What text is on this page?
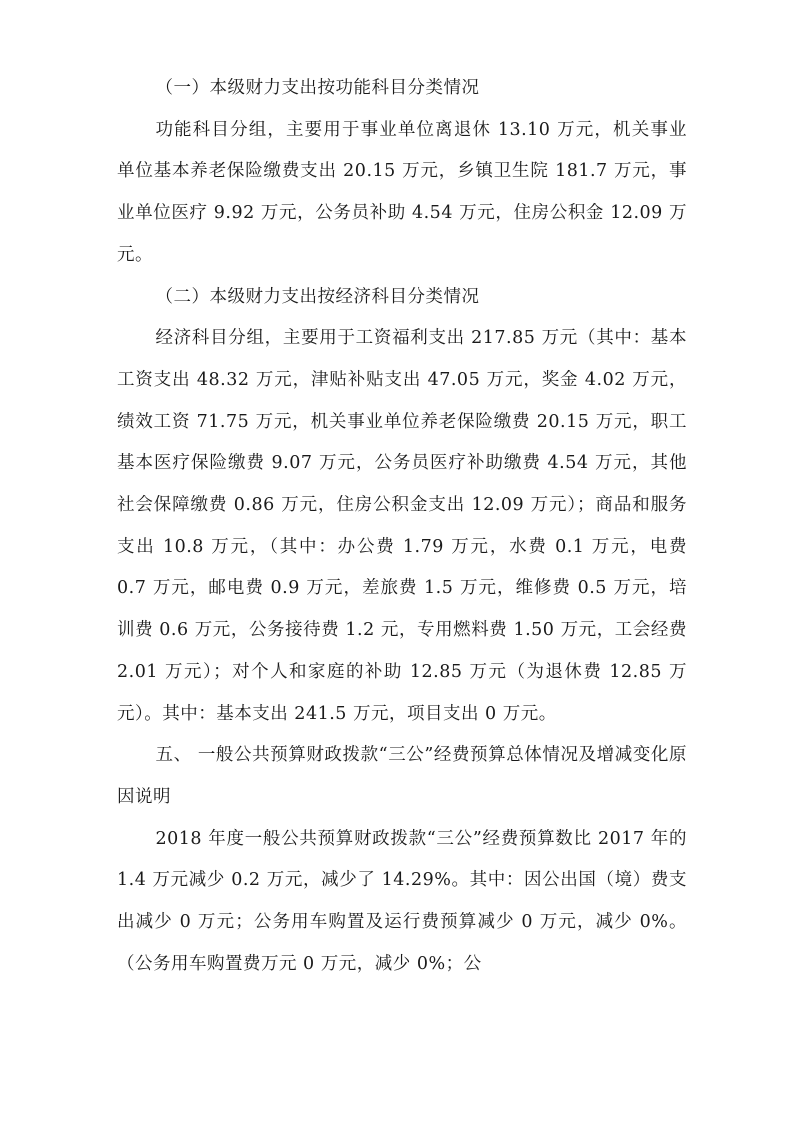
（一）本级财力支出按功能科目分类情况

功能科目分组，主要用于事业单位离退休 13.10 万元，机关事业单位基本养老保险缴费支出 20.15 万元，乡镇卫生院 181.7 万元，事业单位医疗 9.92 万元，公务员补助 4.54 万元，住房公积金 12.09 万元。

（二）本级财力支出按经济科目分类情况

经济科目分组，主要用于工资福利支出 217.85 万元（其中：基本工资支出 48.32 万元，津贴补贴支出 47.05 万元，奖金 4.02 万元，绩效工资 71.75 万元，机关事业单位养老保险缴费 20.15 万元，职工基本医疗保险缴费 9.07 万元，公务员医疗补助缴费 4.54 万元，其他社会保障缴费 0.86 万元，住房公积金支出 12.09 万元）；商品和服务支出 10.8 万元，（其中：办公费 1.79 万元，水费 0.1 万元，电费 0.7 万元，邮电费 0.9 万元，差旅费 1.5 万元，维修费 0.5 万元，培训费 0.6 万元，公务接待费 1.2 元，专用燃料费 1.50 万元，工会经费 2.01 万元）；对个人和家庭的补助 12.85 万元（为退休费 12.85 万元）。其中：基本支出 241.5 万元，项目支出 0 万元。

五、 一般公共预算财政拨款“三公”经费预算总体情况及增减变化原因说明

2018 年度一般公共预算财政拨款“三公”经费预算数比 2017 年的 1.4 万元减少 0.2 万元，减少了 14.29%。其中：因公出国（境）费支出减少 0 万元；公务用车购置及运行费预算减少 0 万元，减少 0%。（公务用车购置费万元 0 万元，减少 0%；公
